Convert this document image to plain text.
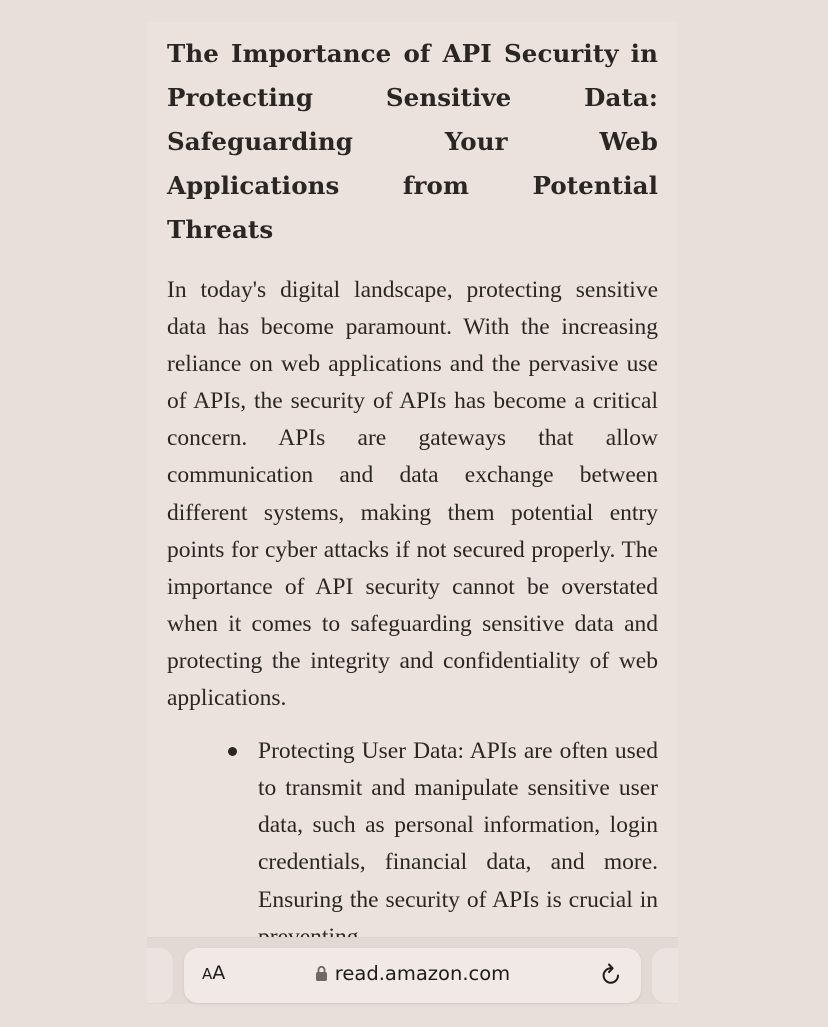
The Importance of API Security in Protecting Sensitive Data: Safeguarding Your Web Applications from Potential Threats

In today's digital landscape, protecting sensitive data has become paramount. With the increasing reliance on web applications and the pervasive use of APIs, the security of APIs has become a critical concern. APIs are gateways that allow communication and data exchange between different systems, making them potential entry points for cyber attacks if not secured properly. The importance of API security cannot be overstated when it comes to safeguarding sensitive data and protecting the integrity and confidentiality of web applications.

Protecting User Data: APIs are often used to transmit and manipulate sensitive user data, such as personal information, login credentials, financial data, and more. Ensuring the security of APIs is crucial in
A A	read.amazon.com
